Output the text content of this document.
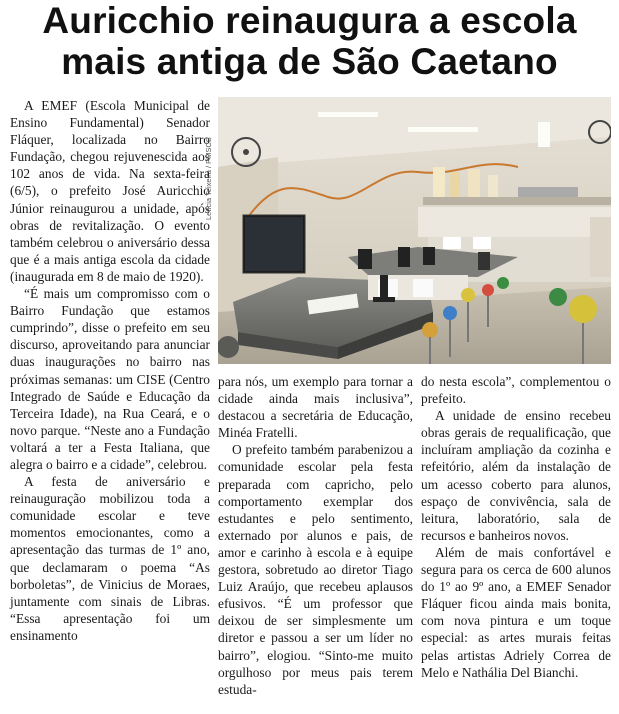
Auricchio reinaugura a escola
mais antiga de São Caetano

A EMEF (Escola Municipal de Ensino Fundamental) Senador Fláquer, localizada no Bairro Fundação, chegou rejuvenescida aos 102 anos de vida. Na sexta-feira (6/5), o prefeito José Auricchio Júnior reinaugurou a unidade, após obras de revitalização. O evento também celebrou o aniversário dessa que é a mais antiga escola da cidade (inaugurada em 8 de maio de 1920).

“É mais um compromisso com o Bairro Fundação que estamos cumprindo”, disse o prefeito em seu discurso, aproveitando para anunciar duas inaugurações no bairro nas próximas semanas: um CISE (Centro Integrado de Saúde e Educação da Terceira Idade), na Rua Ceará, e o novo parque. “Neste ano a Fundação voltará a ter a Festa Italiana, que alegra o bairro e a cidade”, celebrou.

A festa de aniversário e reinauguração mobilizou toda a comunidade escolar e teve momentos emocionantes, como a apresentação das turmas de 1º ano, que declamaram o poema “As borboletas”, de Vinicius de Moraes, juntamente com sinais de Libras. “Essa apresentação foi um ensinamento

Letícia Teixeira / PMSCS

para nós, um exemplo para tornar a cidade ainda mais inclusiva”, destacou a secretária de Educação, Minéa Fratelli.

O prefeito também parabenizou a comunidade escolar pela festa preparada com capricho, pelo comportamento exemplar dos estudantes e pelo sentimento, externado por alunos e pais, de amor e carinho à escola e à equipe gestora, sobretudo ao diretor Tiago Luiz Araújo, que recebeu aplausos efusivos. “É um professor que deixou de ser simplesmente um diretor e passou a ser um líder no bairro”, elogiou. “Sinto-me muito orgulhoso por meus pais terem estuda-

do nesta escola”, complementou o prefeito.

A unidade de ensino recebeu obras gerais de requalificação, que incluíram ampliação da cozinha e refeitório, além da instalação de um acesso coberto para alunos, espaço de convivência, sala de leitura, laboratório, sala de recursos e banheiros novos.

Além de mais confortável e segura para os cerca de 600 alunos do 1º ao 9º ano, a EMEF Senador Fláquer ficou ainda mais bonita, com nova pintura e um toque especial: as artes murais feitas pelas artistas Adriely Correa de Melo e Nathália Del Bianchi.
